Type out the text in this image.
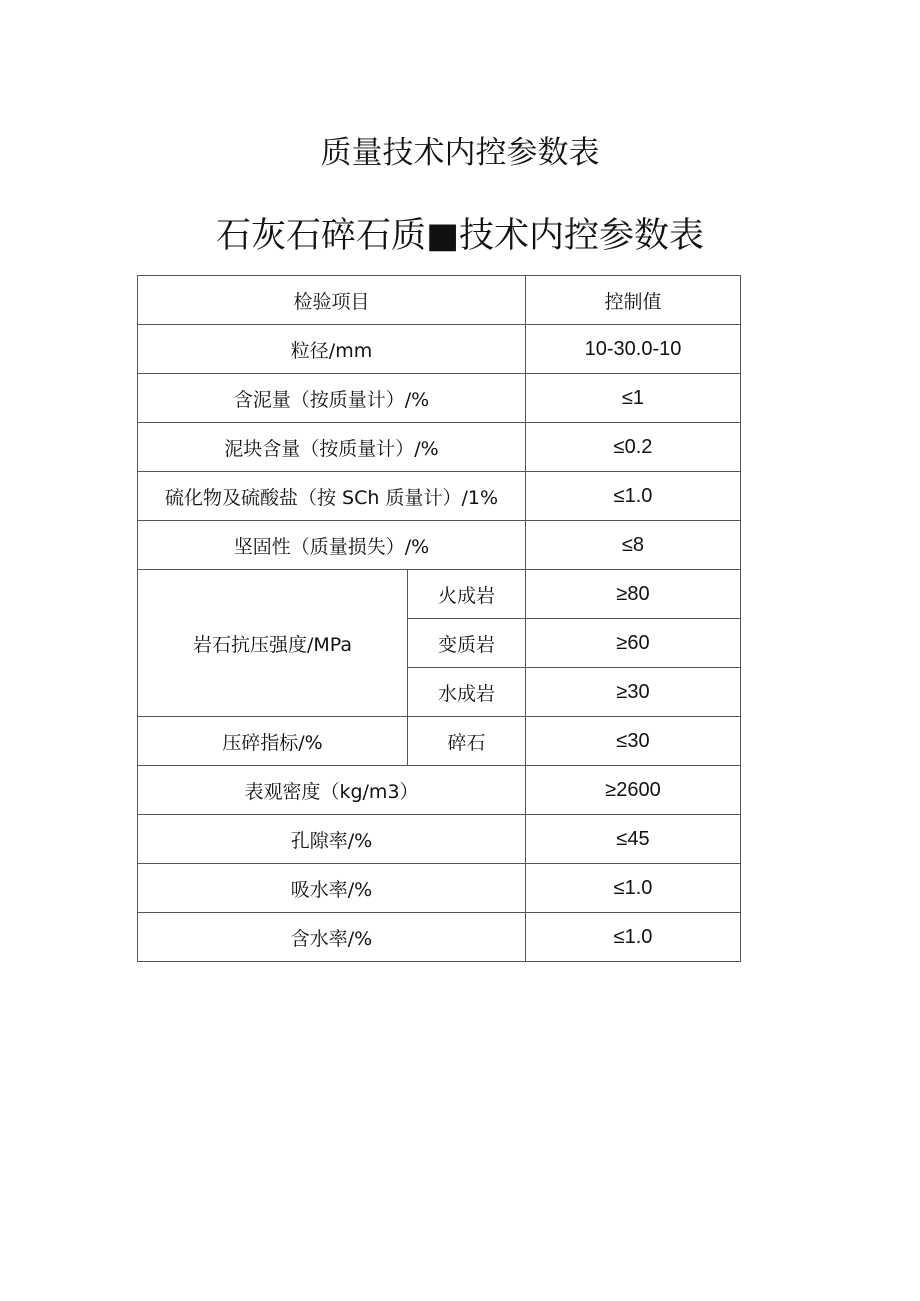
质量技术内控参数表
石灰石碎石质■技术内控参数表
检验项目		控制值
粒径/mm		10-30.0-10
含泥量（按质量计）/%		≤1
泥块含量（按质量计）/%		≤0.2
硫化物及硫酸盐（按 SCh 质量计）/1%		≤1.0
坚固性（质量损失）/%		≤8
岩石抗压强度/MPa	火成岩	≥80
	变质岩	≥60
	水成岩	≥30
压碎指标/%	碎石	≤30
表观密度（kg/m3）		≥2600
孔隙率/%		≤45
吸水率/%		≤1.0
含水率/%		≤1.0
